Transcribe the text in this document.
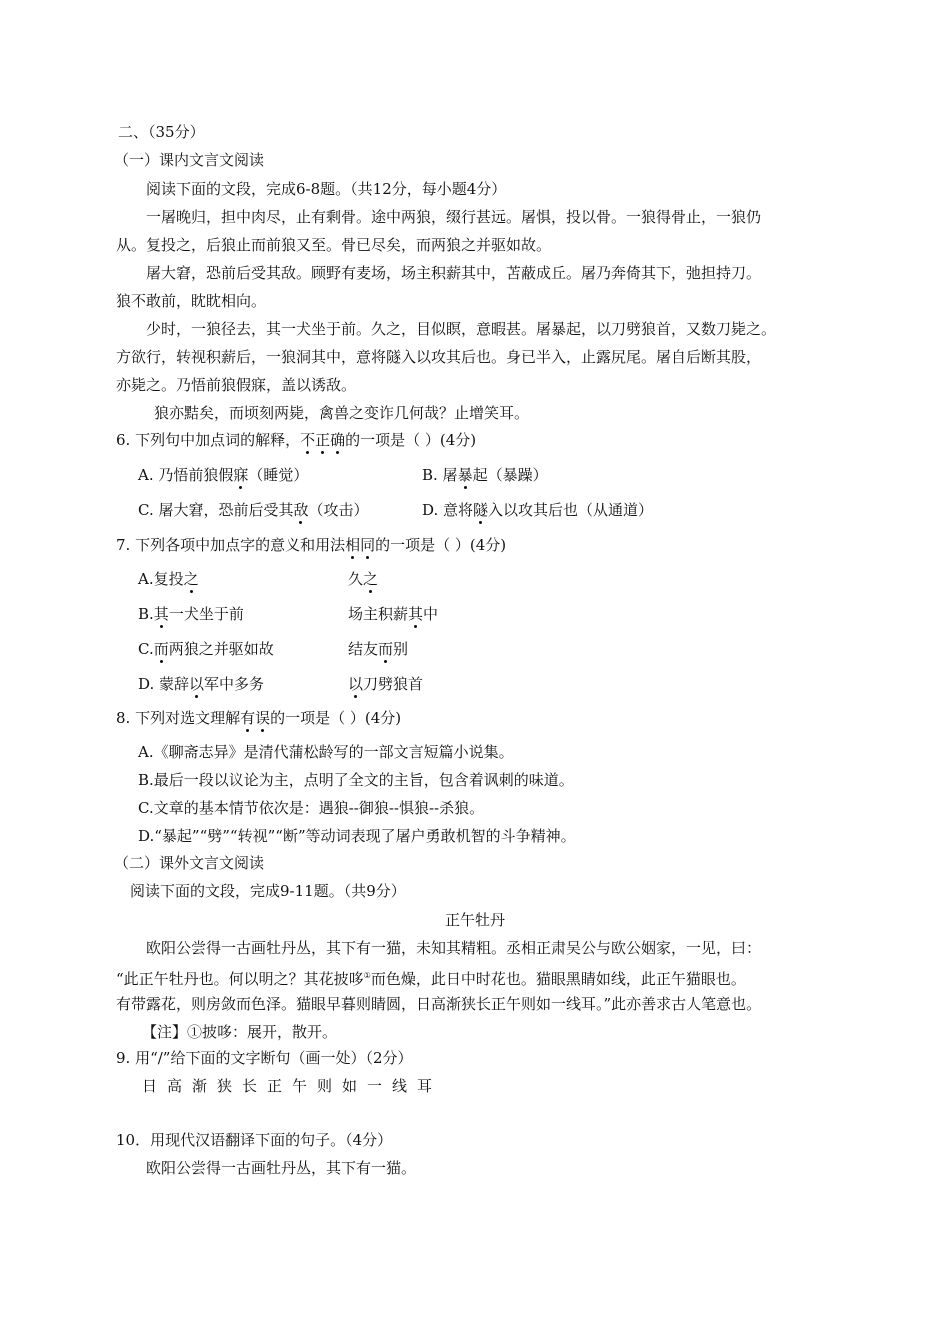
二、（35分）
（一）课内文言文阅读
阅读下面的文段，完成6-8题。（共12分，每小题4分）
一屠晚归，担中肉尽，止有剩骨。途中两狼，缀行甚远。屠惧，投以骨。一狼得骨止，一狼仍
从。复投之，后狼止而前狼又至。骨已尽矣，而两狼之并驱如故。
屠大窘，恐前后受其敌。顾野有麦场，场主积薪其中，苫蔽成丘。屠乃奔倚其下，弛担持刀。
狼不敢前，眈眈相向。
少时，一狼径去，其一犬坐于前。久之，目似瞑，意暇甚。屠暴起，以刀劈狼首，又数刀毙之。
方欲行，转视积薪后，一狼洞其中，意将隧入以攻其后也。身已半入，止露尻尾。屠自后断其股，
亦毙之。乃悟前狼假寐，盖以诱敌。
狼亦黠矣，而顷刻两毙，禽兽之变诈几何哉？止增笑耳。
6. 下列句中加点词的解释，不正确的一项是（ ）(4分)
A. 乃悟前狼假寐（睡觉）	B. 屠暴起（暴躁）
C. 屠大窘，恐前后受其敌（攻击）	D. 意将隧入以攻其后也（从通道）
7. 下列各项中加点字的意义和用法相同的一项是（ ）(4分)
A.复投之	久之
B.其一犬坐于前	场主积薪其中
C.而两狼之并驱如故	结友而别
D. 蒙辞以军中多务	以刀劈狼首
8. 下列对选文理解有误的一项是（ ）(4分)
A.《聊斋志异》是清代蒲松龄写的一部文言短篇小说集。
B.最后一段以议论为主，点明了全文的主旨，包含着讽刺的味道。
C.文章的基本情节依次是：遇狼--御狼--惧狼--杀狼。
D.“暴起”“劈”“转视”“断”等动词表现了屠户勇敢机智的斗争精神。
（二）课外文言文阅读
阅读下面的文段，完成9-11题。（共9分）
正午牡丹
欧阳公尝得一古画牡丹丛，其下有一猫，未知其精粗。丞相正肃吴公与欧公姻家，一见，曰：
“此正午牡丹也。何以明之？其花披哆①而色燥，此日中时花也。猫眼黑睛如线，此正午猫眼也。
有带露花，则房敛而色泽。猫眼早暮则睛圆，日高渐狭长正午则如一线耳。”此亦善求古人笔意也。
【注】①披哆：展开，散开。
9. 用“/”给下面的文字断句（画一处）（2分）
日高渐狭长正午则如一线耳
10．用现代汉语翻译下面的句子。（4分）
欧阳公尝得一古画牡丹丛，其下有一猫。
